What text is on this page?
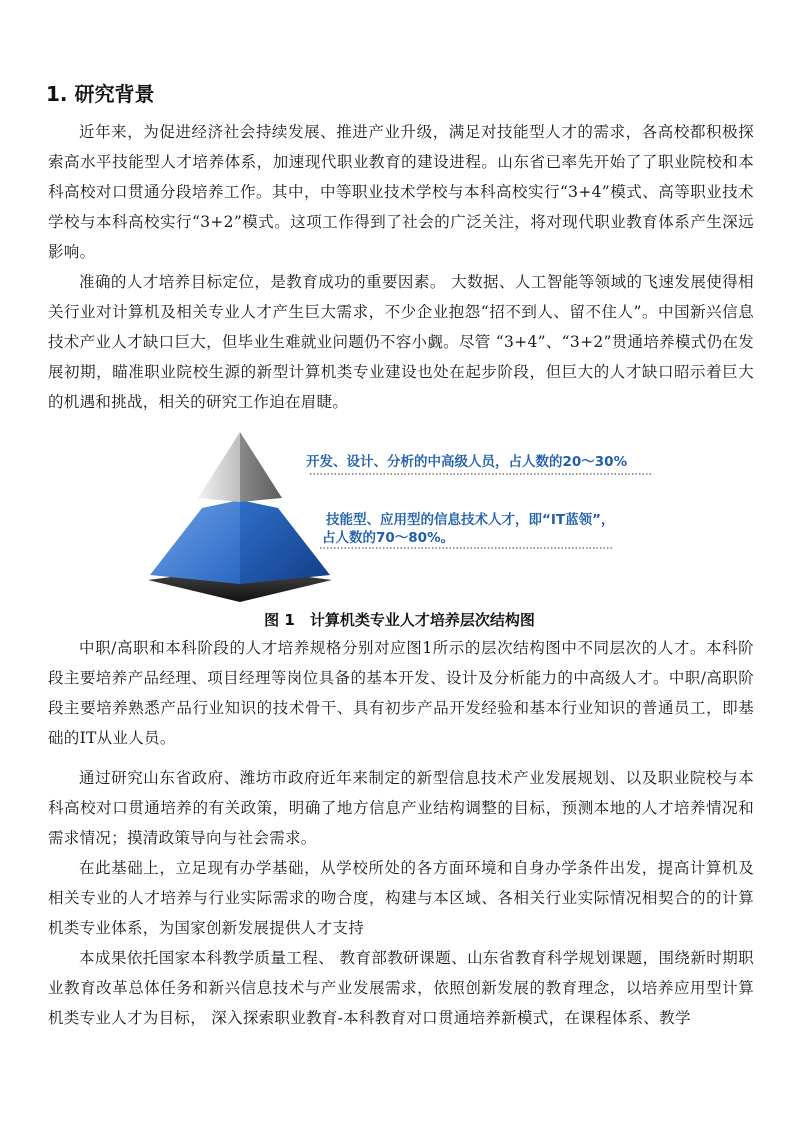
1. 研究背景

近年来，为促进经济社会持续发展、推进产业升级，满足对技能型人才的需求，各高校都积极探索高水平技能型人才培养体系，加速现代职业教育的建设进程。山东省已率先开始了了职业院校和本科高校对口贯通分段培养工作。其中，中等职业技术学校与本科高校实行“3+4”模式、高等职业技术学校与本科高校实行“3+2”模式。这项工作得到了社会的广泛关注，将对现代职业教育体系产生深远影响。

准确的人才培养目标定位，是教育成功的重要因素。 大数据、人工智能等领域的飞速发展使得相关行业对计算机及相关专业人才产生巨大需求，不少企业抱怨“招不到人、留不住人”。中国新兴信息技术产业人才缺口巨大，但毕业生难就业问题仍不容小觑。尽管 “3+4”、“3+2”贯通培养模式仍在发展初期，瞄准职业院校生源的新型计算机类专业建设也处在起步阶段，但巨大的人才缺口昭示着巨大的机遇和挑战，相关的研究工作迫在眉睫。

开发、设计、分析的中高级人员，占人数的20～30%

技能型、应用型的信息技术人才，即“IT蓝领”，

占人数的70～80%。

图 1　计算机类专业人才培养层次结构图

中职/高职和本科阶段的人才培养规格分别对应图1所示的层次结构图中不同层次的人才。本科阶段主要培养产品经理、项目经理等岗位具备的基本开发、设计及分析能力的中高级人才。中职/高职阶段主要培养熟悉产品行业知识的技术骨干、具有初步产品开发经验和基本行业知识的普通员工，即基础的IT从业人员。

通过研究山东省政府、潍坊市政府近年来制定的新型信息技术产业发展规划、以及职业院校与本科高校对口贯通培养的有关政策，明确了地方信息产业结构调整的目标，预测本地的人才培养情况和需求情况；摸清政策导向与社会需求。

在此基础上，立足现有办学基础，从学校所处的各方面环境和自身办学条件出发，提高计算机及相关专业的人才培养与行业实际需求的吻合度，构建与本区域、各相关行业实际情况相契合的的计算机类专业体系，为国家创新发展提供人才支持

本成果依托国家本科教学质量工程、 教育部教研课题、山东省教育科学规划课题，围绕新时期职业教育改革总体任务和新兴信息技术与产业发展需求，依照创新发展的教育理念，以培养应用型计算机类专业人才为目标， 深入探索职业教育-本科教育对口贯通培养新模式，在课程体系、教学
